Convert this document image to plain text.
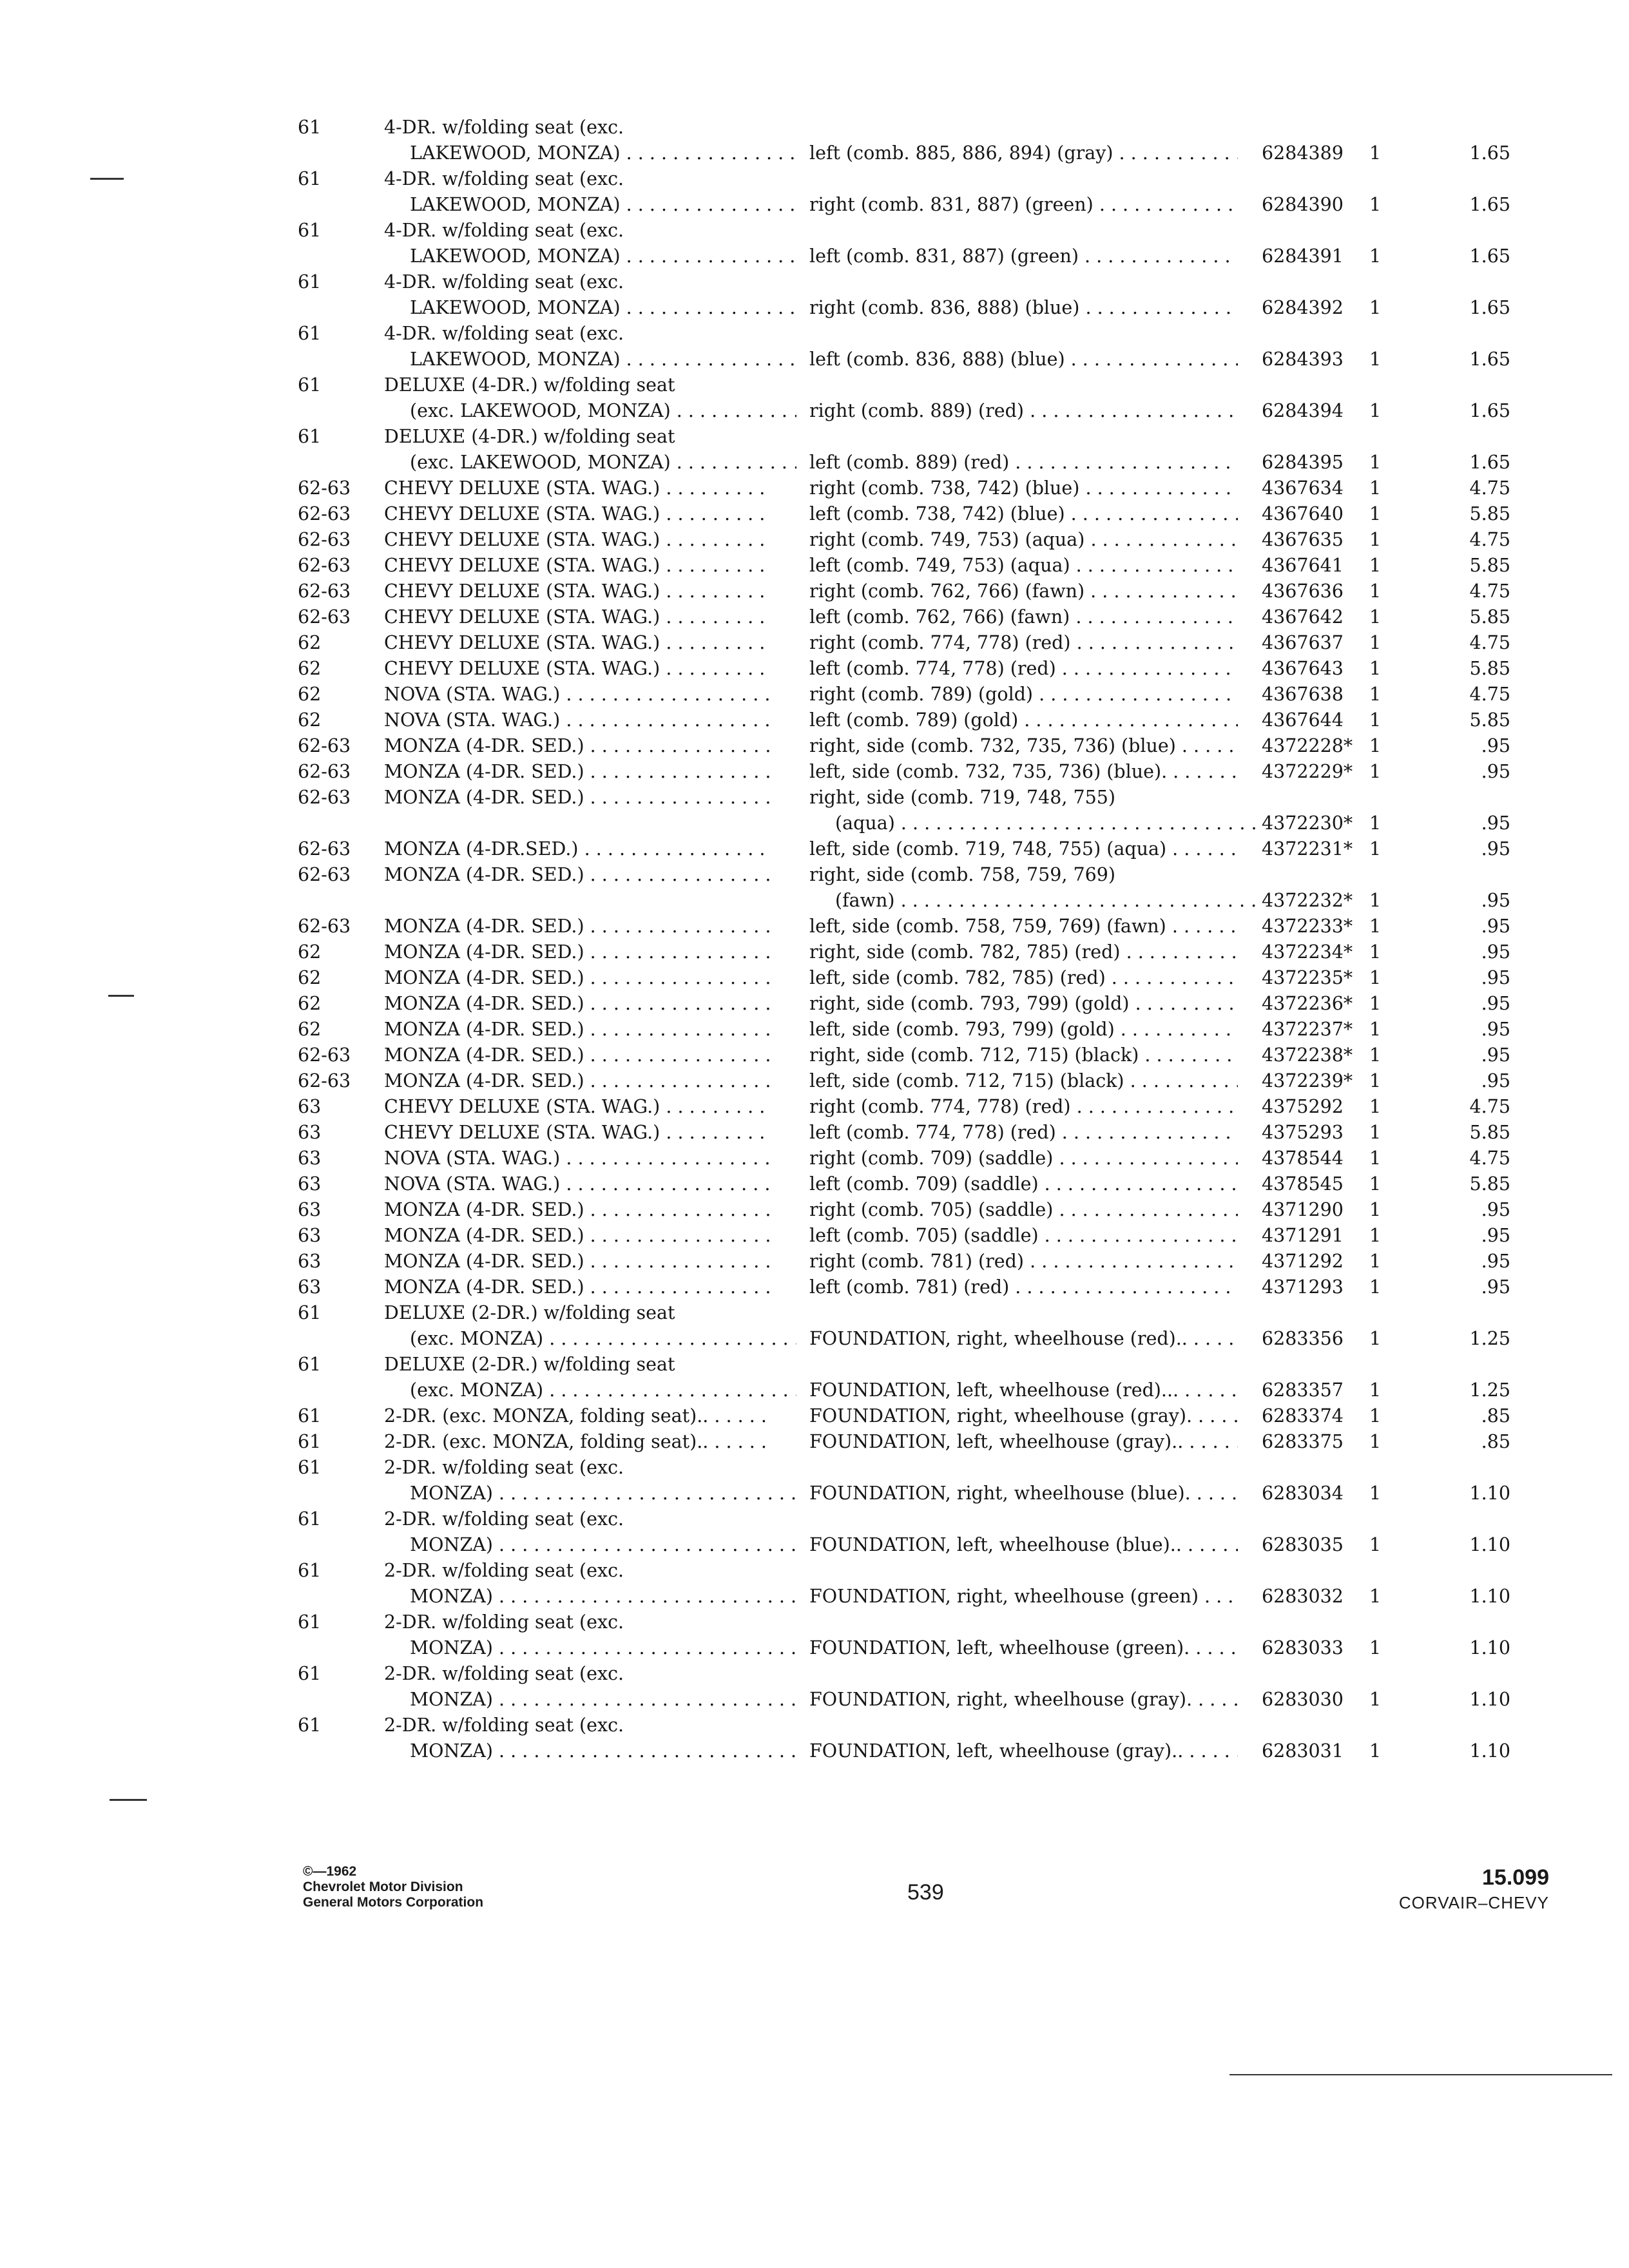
61	4-DR. w/folding seat (exc.
LAKEWOOD, MONZA) . . .	left (comb. 885, 886, 894) (gray) . . .	6284389 1	1.65
61	4-DR. w/folding seat (exc.
LAKEWOOD, MONZA) . . .	right (comb. 831, 887) (green) . . .	6284390 1	1.65
61	4-DR. w/folding seat (exc.
LAKEWOOD, MONZA) . . .	left (comb. 831, 887) (green) . . .	6284391 1	1.65
61	4-DR. w/folding seat (exc.
LAKEWOOD, MONZA) . . .	right (comb. 836, 888) (blue) . . .	6284392 1	1.65
61	4-DR. w/folding seat (exc.
LAKEWOOD, MONZA) . . .	left (comb. 836, 888) (blue) . . .	6284393 1	1.65
61	DELUXE (4-DR.) w/folding seat
(exc. LAKEWOOD, MONZA) . . .	right (comb. 889) (red) . . .	6284394 1	1.65
61	DELUXE (4-DR.) w/folding seat
(exc. LAKEWOOD, MONZA) . . .	left (comb. 889) (red) . . .	6284395 1	1.65
62-63 CHEVY DELUXE (STA. WAG.) . . .	right (comb. 738, 742) (blue) . . .	4367634 1	4.75
62-63 CHEVY DELUXE (STA. WAG.) . . .	left (comb. 738, 742) (blue) . . .	4367640 1	5.85
62-63 CHEVY DELUXE (STA. WAG.) . . .	right (comb. 749, 753) (aqua) . . .	4367635 1	4.75
62-63 CHEVY DELUXE (STA. WAG.) . . .	left (comb. 749, 753) (aqua) . . .	4367641 1	5.85
62-63 CHEVY DELUXE (STA. WAG.) . . .	right (comb. 762, 766) (fawn) . . .	4367636 1	4.75
62-63 CHEVY DELUXE (STA. WAG.) . . .	left (comb. 762, 766) (fawn) . . .	4367642 1	5.85
62	CHEVY DELUXE (STA. WAG.) . . .	right (comb. 774, 778) (red) . . .	4367637 1	4.75
62	CHEVY DELUXE (STA. WAG.) . . .	left (comb. 774, 778) (red) . . .	4367643 1	5.85
62	NOVA (STA. WAG.) . . .	right (comb. 789) (gold) . . .	4367638 1	4.75
62	NOVA (STA. WAG.) . . .	left (comb. 789) (gold) . . .	4367644 1	5.85
62-63 MONZA (4-DR. SED.) . . .	right, side (comb. 732, 735, 736) (blue) . . .	4372228* 1	.95
62-63 MONZA (4-DR. SED.) . . .	left, side (comb. 732, 735, 736) (blue). . . .	4372229* 1	.95
62-63 MONZA (4-DR. SED.) . . .	right, side (comb. 719, 748, 755)
(aqua) . . .	4372230* 1	.95
62-63 MONZA (4-DR.SED.) . . .	left, side (comb. 719, 748, 755) (aqua) . . .	4372231* 1	.95
62-63 MONZA (4-DR. SED.) . . .	right, side (comb. 758, 759, 769)
(fawn) . . .	4372232* 1	.95
62-63 MONZA (4-DR. SED.) . . .	left, side (comb. 758, 759, 769) (fawn) . . .	4372233* 1	.95
62	MONZA (4-DR. SED.) . . .	right, side (comb. 782, 785) (red) . . .	4372234* 1	.95
62	MONZA (4-DR. SED.) . . .	left, side (comb. 782, 785) (red) . . .	4372235* 1	.95
62	MONZA (4-DR. SED.) . . .	right, side (comb. 793, 799) (gold) . . .	4372236* 1	.95
62	MONZA (4-DR. SED.) . . .	left, side (comb. 793, 799) (gold) . . .	4372237* 1	.95
62-63 MONZA (4-DR. SED.) . . .	right, side (comb. 712, 715) (black) . . .	4372238* 1	.95
62-63 MONZA (4-DR. SED.) . . .	left, side (comb. 712, 715) (black) . . .	4372239* 1	.95
63	CHEVY DELUXE (STA. WAG.) . . .	right (comb. 774, 778) (red) . . .	4375292 1	4.75
63	CHEVY DELUXE (STA. WAG.) . . .	left (comb. 774, 778) (red) . . .	4375293 1	5.85
63	NOVA (STA. WAG.) . . .	right (comb. 709) (saddle) . . .	4378544 1	4.75
63	NOVA (STA. WAG.) . . .	left (comb. 709) (saddle) . . .	4378545 1	5.85
63	MONZA (4-DR. SED.) . . .	right (comb. 705) (saddle) . . .	4371290 1	.95
63	MONZA (4-DR. SED.) . . .	left (comb. 705) (saddle) . . .	4371291 1	.95
63	MONZA (4-DR. SED.) . . .	right (comb. 781) (red) . . .	4371292 1	.95
63	MONZA (4-DR. SED.) . . .	left (comb. 781) (red) . . .	4371293 1	.95
61	DELUXE (2-DR.) w/folding seat
(exc. MONZA) . . .	FOUNDATION, right, wheelhouse (red).. . . .	6283356 1	1.25
61	DELUXE (2-DR.) w/folding seat
(exc. MONZA) . . .	FOUNDATION, left, wheelhouse (red)... . . .	6283357 1	1.25
61	2-DR. (exc. MONZA, folding seat).. . . .	FOUNDATION, right, wheelhouse (gray). . . .	6283374 1	.85
61	2-DR. (exc. MONZA, folding seat).. . . .	FOUNDATION, left, wheelhouse (gray).. . . .	6283375 1	.85
61	2-DR. w/folding seat (exc.
MONZA) . . .	FOUNDATION, right, wheelhouse (blue). . . .	6283034 1	1.10
61	2-DR. w/folding seat (exc.
MONZA) . . .	FOUNDATION, left, wheelhouse (blue).. . . .	6283035 1	1.10
61	2-DR. w/folding seat (exc.
MONZA) . . .	FOUNDATION, right, wheelhouse (green) . . .	6283032 1	1.10
61	2-DR. w/folding seat (exc.
MONZA) . . .	FOUNDATION, left, wheelhouse (green). . . .	6283033 1	1.10
61	2-DR. w/folding seat (exc.
MONZA) . . .	FOUNDATION, right, wheelhouse (gray). . . .	6283030 1	1.10
61	2-DR. w/folding seat (exc.
MONZA) . . .	FOUNDATION, left, wheelhouse (gray).. . . .	6283031 1	1.10
©—1962
Chevrolet Motor Division
General Motors Corporation	539
15.099
CORVAIR–CHEVY
